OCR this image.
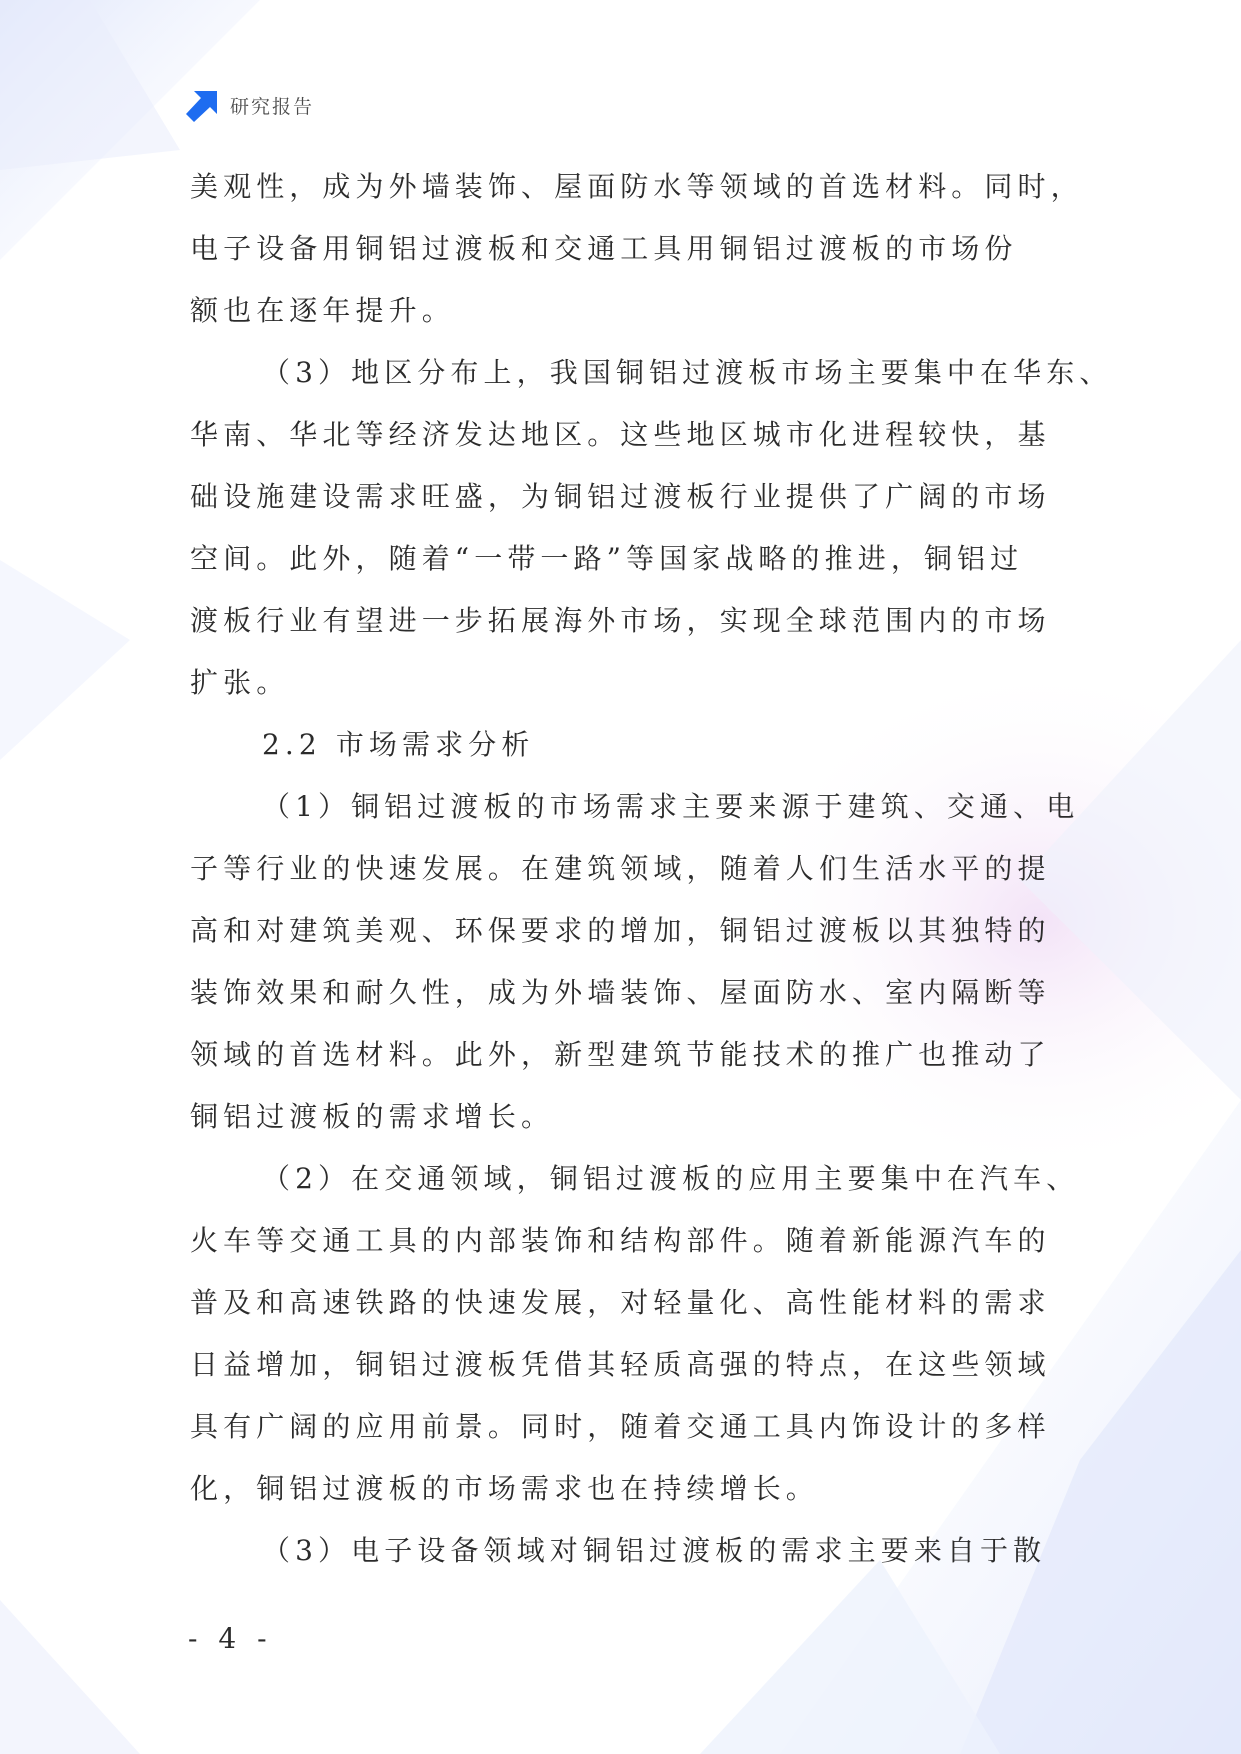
研究报告
美观性，成为外墙装饰、屋面防水等领域的首选材料。同时，
电子设备用铜铝过渡板和交通工具用铜铝过渡板的市场份
额也在逐年提升。
（3）地区分布上，我国铜铝过渡板市场主要集中在华东、
华南、华北等经济发达地区。这些地区城市化进程较快，基
础设施建设需求旺盛，为铜铝过渡板行业提供了广阔的市场
空间。此外，随着“一带一路”等国家战略的推进，铜铝过
渡板行业有望进一步拓展海外市场，实现全球范围内的市场
扩张。
2.2 市场需求分析
（1）铜铝过渡板的市场需求主要来源于建筑、交通、电
子等行业的快速发展。在建筑领域，随着人们生活水平的提
高和对建筑美观、环保要求的增加，铜铝过渡板以其独特的
装饰效果和耐久性，成为外墙装饰、屋面防水、室内隔断等
领域的首选材料。此外，新型建筑节能技术的推广也推动了
铜铝过渡板的需求增长。
（2）在交通领域，铜铝过渡板的应用主要集中在汽车、
火车等交通工具的内部装饰和结构部件。随着新能源汽车的
普及和高速铁路的快速发展，对轻量化、高性能材料的需求
日益增加，铜铝过渡板凭借其轻质高强的特点，在这些领域
具有广阔的应用前景。同时，随着交通工具内饰设计的多样
化，铜铝过渡板的市场需求也在持续增长。
（3）电子设备领域对铜铝过渡板的需求主要来自于散
- 4 -
